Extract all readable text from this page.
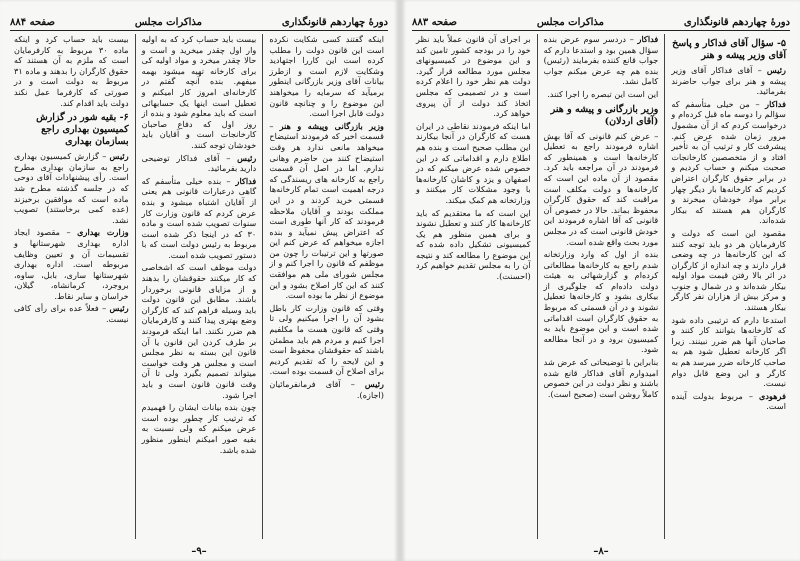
دورهٔ چهاردهم قانونگذاری
مذاکرات مجلس
صفحه ۸۸۴

اینکه گفتند کسی شکایت نکرده است این قانون دولت را مطلب کرده است این کاررا اجتهادید وشکایت لازم است و ازطرز بیانات آقای وزیر بازرگانی اینطور برمیآید که سرمایه را میخواهند این موضوع را و چنانچه قانون دولت قابل اجرا است.

وزیر بازرگانی وپیشه و هنر – قسمت اخیر که فرمودند استیضاح میخواهد مانعی ندارد هر وقت استیضاح کنند من حاضرم وهانی ندارم. اما در اصل آن قسمت راجع به کارخانه های ریسندگی که درجه اهمیت است تمام کارخانه‌ها قسمتی خرید کردند و در این مملکت بودند و آقایان ملاحظه فرمودند که کار آنها طوری است که اعتراض پیش نمیآید و بنده اجازه میخواهم که عرض کنم این صورتها و این ترتیبات را چون من موظفم که قانون را اجرا کنم و از مجلس شورای ملی هم موافقت کنند که این کار اصلاح بشود و این موضوع از نظر ما بوده است.

وقتی که قانون وزارت کار باطل بشود آن را اجرا میکنیم ولی تا وقتی که قانون هست ما مکلفیم اجرا کنیم و مردم هم باید مطمئن باشند که حقوقشان محفوظ است و این لایحه را که تقدیم کردیم برای اصلاح آن قسمت بوده است.

رئیس – آقای فرمانفرمائیان (اجازه).

بیست باید حساب کرد که به اولیه وار اول چقدر میخرید و است و حالا چقدر میخرد و مواد اولیه کی برای کارخانه تهیه میشود بهمه میفهم. بنده آنچه گفتم در کارخانه‌ای امروز کار امیکنم و تعطیل است اینها یک حسابهائی است که باید معلوم شود و بنده از روز اول که دفاع صاحبان کارخانجات است و آقایان باید خودشان توجه کنند.

رئیس – آقای فداکار توضیحی دارید بفرمائید.

فداکار – بنده خیلی متأسفم که گاهی درعبارات قانونی هم یعنی از آقایان اشتباه میشود و بنده عرض کردم که قانون وزارت کار سنوات تصویب شده است و ماده ۳۰ که در اینجا ذکر شده است مربوط به رئیس دولت است که با دستور تصویب شده است.

دولت موظف است که اشخاصی که کار میکنند حقوقشان را بدهند و از مزایای قانونی برخوردار باشند. مطابق این قانون دولت باید وسیله فراهم کند که کارگران وضع بهتری پیدا کنند و کارفرمایان هم ضرر نکنند. اما اینکه فرمودند بر طرف کردن این قانون یا آن قانون این بسته به نظر مجلس است و مجلس هر وقت خواست میتواند تصمیم بگیرد ولی تا آن وقت قانون قانون است و باید اجرا شود.

چون بنده بیانات ایشان را فهمیدم که ترتیب کار چطور بوده است عرض میکنم که ولی نسبت به بقیه صور امیکنم اینطور منظور شده باشد.

بیست باید حساب کرد و اینکه ماده ۳۰ مربوط به کارفرمایان است که ملزم به آن هستند که حقوق کارگران را بدهند و ماده ۳۱ مربوط به دولت است و در صورتی که کارفرما عمل نکند دولت باید اقدام کند.

۶- بقیه شور در گزارش کمیسیون بهداری راجع بسازمان بهداری

رئیس – گزارش کمیسیون بهداری راجع به سازمان بهداری مطرح است. رأی پیشنهادات آقای دوحی که در جلسه گذشته مطرح شد ماده است که موافقین برخیزند (عده کمی برخاستند) تصویب نشد.

وزارت بهداری – مقصود ایجاد اداره بهداری شهرستانها و تقسیمات آن و تعیین وظایف مربوطه است. اداره بهداری شهرستانها ساری، بابل، ساوه، بروجرد، کرمانشاه، گیلان، خراسان و سایر نقاط.

رئیس – فعلاً عده برای رأی کافی نیست.

–۹–
دورهٔ چهاردهم قانونگذاری
مذاکرات مجلس
صفحه ۸۸۳
۵- سؤال آقای فداکار و پاسخ آقای وزیر پیشه و هنر

رئیس – آقای فداکار آقای وزیر پیشه و هنر برای جواب حاضرند بفرمائید.

فداکار – من خیلی متأسفم که سؤالم را دوسه ماه قبل کرده‌ام و درخواست کردم که از آن مشمول مرور زمان شده عرض کنم. پیشرفت کار و ترتیب آن به تأخیر افتاد و از متخصصین کارخانجات صحبت میکنم و حساب کردیم و در برابر حقوق کارگران اعتراض کردیم که کارخانه‌ها بار دیگر چهار برابر مواد خودشان میخرند و کارگران هم هستند که بیکار شده‌اند.

مقصود این است که دولت و کارفرمایان هر دو باید توجه کنند که این کارخانه‌ها در چه وضعی قرار دارند و چه اندازه از کارگران در اثر بالا رفتن قیمت مواد اولیه بیکار شده‌اند و در شمال و جنوب و مرکز بیش از هزاران نفر کارگر بیکار هستند.

استدعا دارم که ترتیبی داده شود که کارخانه‌ها بتوانند کار کنند و صاحبان آنها هم ضرر نبینند. زیرا اگر کارخانه تعطیل شود هم به صاحب کارخانه ضرر میرسد هم به کارگر و این وضع قابل دوام نیست.

فرهودی – مربوط بدولت آینده است.

فداکار – دردسر سوم عرض بنده سؤال همین بود و استدعا دارم که جواب قانع کننده بفرمایند (رئیس) بنده هم چه عرض میکنم جواب کامل نشد.

این است این تبصره را اجرا کنند.

وزیر بازرگانی و پیشه و هنر (آقای اردلان)

– عرض کنم قانونی که آقا بهش اشاره فرمودند راجع به تعطیل کارخانه‌ها است و همینطور که فرمودند در آن مراجعه باید کرد. مقصود از آن ماده این است که کارخانه‌ها و دولت مکلف است مراقبت کند که حقوق کارگران محفوظ بماند. حالا در خصوص آن قانونی که آقا اشاره فرمودند این خودش قانونی است که در مجلس مورد بحث واقع شده است.

بنده از اول که وارد وزارتخانه شدم راجع به کارخانه‌ها مطالعاتی کرده‌ام و گزارشهائی به هیئت دولت داده‌ام که جلوگیری از بیکاری بشود و کارخانه‌ها تعطیل نشوند و در آن قسمتی که مربوط به حقوق کارگران است اقداماتی شده است و این موضوع باید به کمیسیون برود و در آنجا مطالعه شود.

بنابراین با توضیحاتی که عرض شد امیدوارم آقای فداکار قانع شده باشند و نظر دولت در این خصوص کاملاً روشن است (صحیح است).

بر اجرای آن قانون عملاً باید نظر خود را در بودجه کشور تامین کند و این موضوع در کمیسیونهای مجلس مورد مطالعه قرار گیرد. دولت هم نظر خود را اعلام کرده است و در تصمیمی که مجلس اتخاذ کند دولت از آن پیروی خواهد کرد.

اما اینکه فرمودند نقاطی در ایران هست که کارگران در آنجا بیکارند این مطلب صحیح است و بنده هم اطلاع دارم و اقداماتی که در این خصوص شده عرض میکنم که در اصفهان و یزد و کاشان کارخانه‌ها با وجود مشکلات کار میکنند و وزارتخانه هم کمک میکند.

این است که ما معتقدیم که باید کارخانه‌ها کار کنند و تعطیل نشوند و برای همین منظور هم یک کمیسیونی تشکیل داده شده که این موضوع را مطالعه کند و نتیجه آن را به مجلس تقدیم خواهیم کرد (احسنت).

–۸–
